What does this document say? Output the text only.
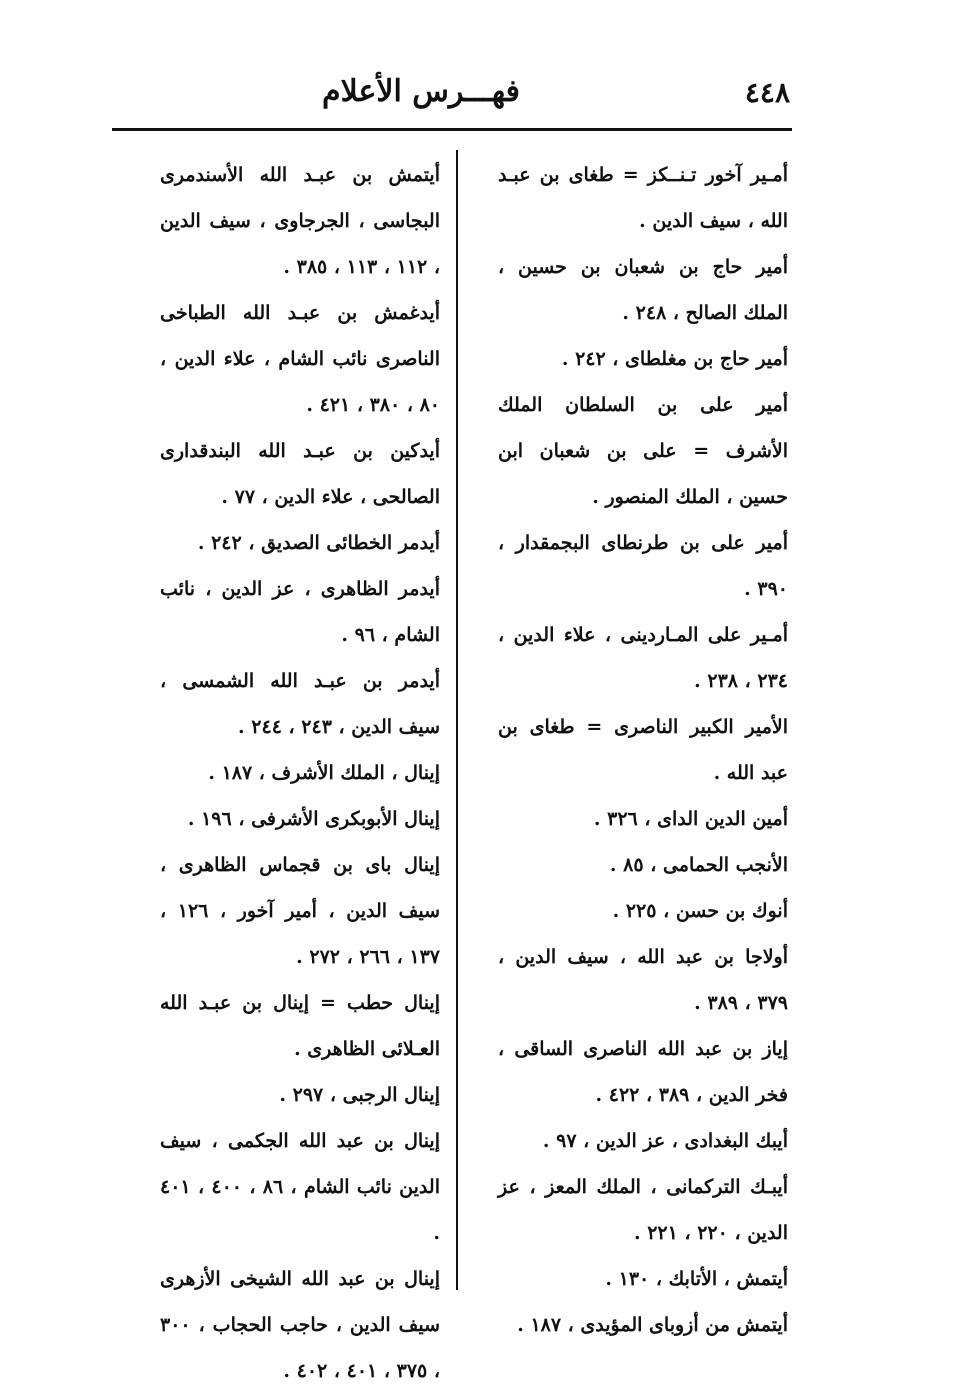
٤٤٨
فهـــرس الأعلام

أمـير آخور تـنــكز = طغاى بن عبـد الله ، سيف الدين .

أمير حاج بن شعبان بن حسين ، الملك الصالح ، ٢٤٨ .

أمير حاج بن مغلطاى ، ٢٤٢ .

أمير على بن السلطان الملك الأشرف = على بن شعبان ابن حسين ، الملك المنصور .

أمير على بن طرنطاى البجمقدار ، ٣٩٠ .

أمـير على المـاردينى ، علاء الدين ، ٢٣٤ ، ٢٣٨ .

الأمير الكبير الناصرى = طغاى بن عبد الله .

أمين الدين الداى ، ٣٢٦ .

الأنجب الحمامى ، ٨٥ .

أنوك بن حسن ، ٢٢٥ .

أولاجا بن عبد الله ، سيف الدين ، ٣٧٩ ، ٣٨٩ .

إياز بن عبد الله الناصرى الساقى ، فخر الدين ، ٣٨٩ ، ٤٢٢ .

أيبك البغدادى ، عز الدين ، ٩٧ .

أيبـك التركمانى ، الملك المعز ، عز الدين ، ٢٢٠ ، ٢٢١ .

أيتمش ، الأتابك ، ١٣٠ .

أيتمش من أزوباى المؤيدى ، ١٨٧ .

أيتمش بن عبـد الله الأسندمرى البجاسى ، الجرجاوى ، سيف الدين ، ١١٢ ، ١١٣ ، ٣٨٥ .

أيدغمش بن عبـد الله الطباخى الناصرى نائب الشام ، علاء الدين ، ٨٠ ، ٣٨٠ ، ٤٢١ .

أيدكين بن عبـد الله البندقدارى الصالحى ، علاء الدين ، ٧٧ .

أيدمر الخطائى الصديق ، ٢٤٢ .

أيدمر الظاهرى ، عز الدين ، نائب الشام ، ٩٦ .

أيدمر بن عبـد الله الشمسى ، سيف الدين ، ٢٤٣ ، ٢٤٤ .

إينال ، الملك الأشرف ، ١٨٧ .

إينال الأبوبكرى الأشرفى ، ١٩٦ .

إينال باى بن قجماس الظاهرى ، سيف الدين ، أمير آخور ، ١٢٦ ، ١٣٧ ، ٢٦٦ ، ٢٧٢ .

إينال حطب = إينال بن عبـد الله العـلائى الظاهرى .

إينال الرجبى ، ٢٩٧ .

إينال بن عبد الله الجكمى ، سيف الدين نائب الشام ، ٨٦ ، ٤٠٠ ، ٤٠١ .

إينال بن عبد الله الشيخى الأزهرى سيف الدين ، حاجب الحجاب ، ٣٠٠ ، ٣٧٥ ، ٤٠١ ، ٤٠٢ .
